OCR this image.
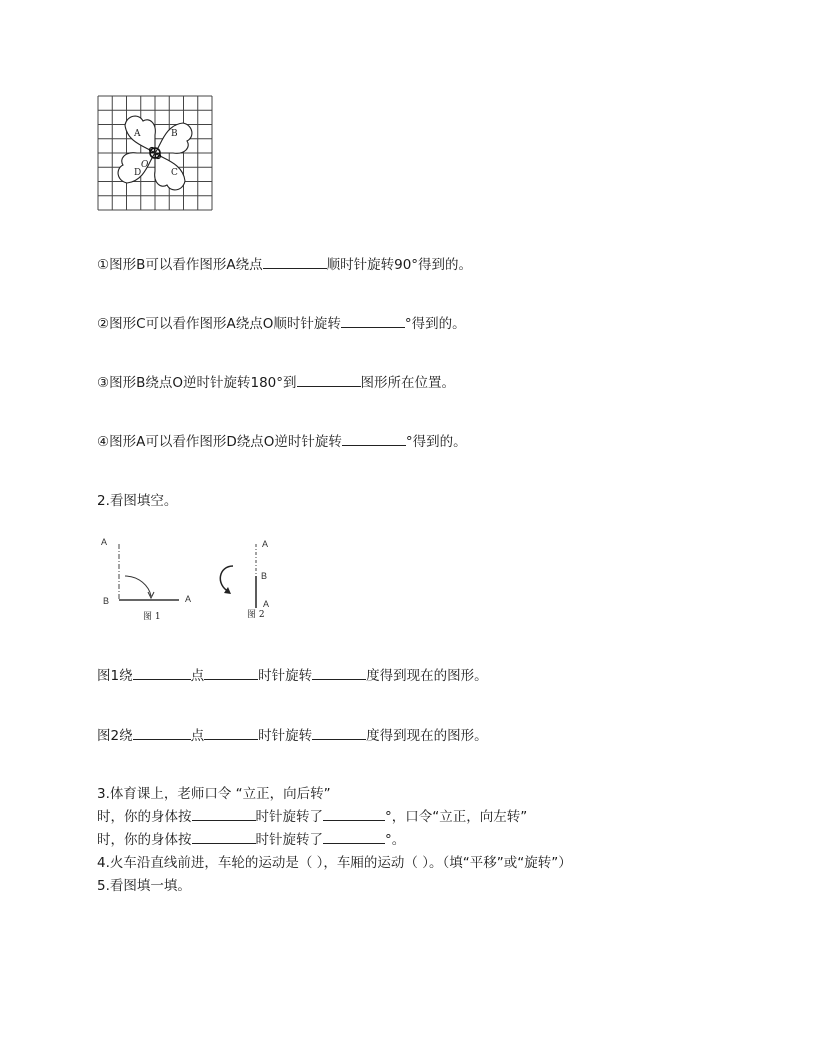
A	B
C
D
O
①图形B可以看作图形A绕点	顺时针旋转90°得到的。
②图形C可以看作图形A绕点O顺时针旋转	°得到的。
③图形B绕点O逆时针旋转180°到	图形所在位置。
④图形A可以看作图形D绕点O逆时针旋转	°得到的。
2.看图填空。
A
B	A
图 1
A
B
A
图 2
图1绕	点	时针旋转	度得到现在的图形。
图2绕	点	时针旋转	度得到现在的图形。
3.体育课上，老师口令 “立正，向后转”
时，你的身体按	时针旋转了	°，口令“立正，向左转”
时，你的身体按	时针旋转了	°。
4.火车沿直线前进，车轮的运动是（ ），车厢的运动（ ）。（填“平移”或“旋转”）
5.看图填一填。
